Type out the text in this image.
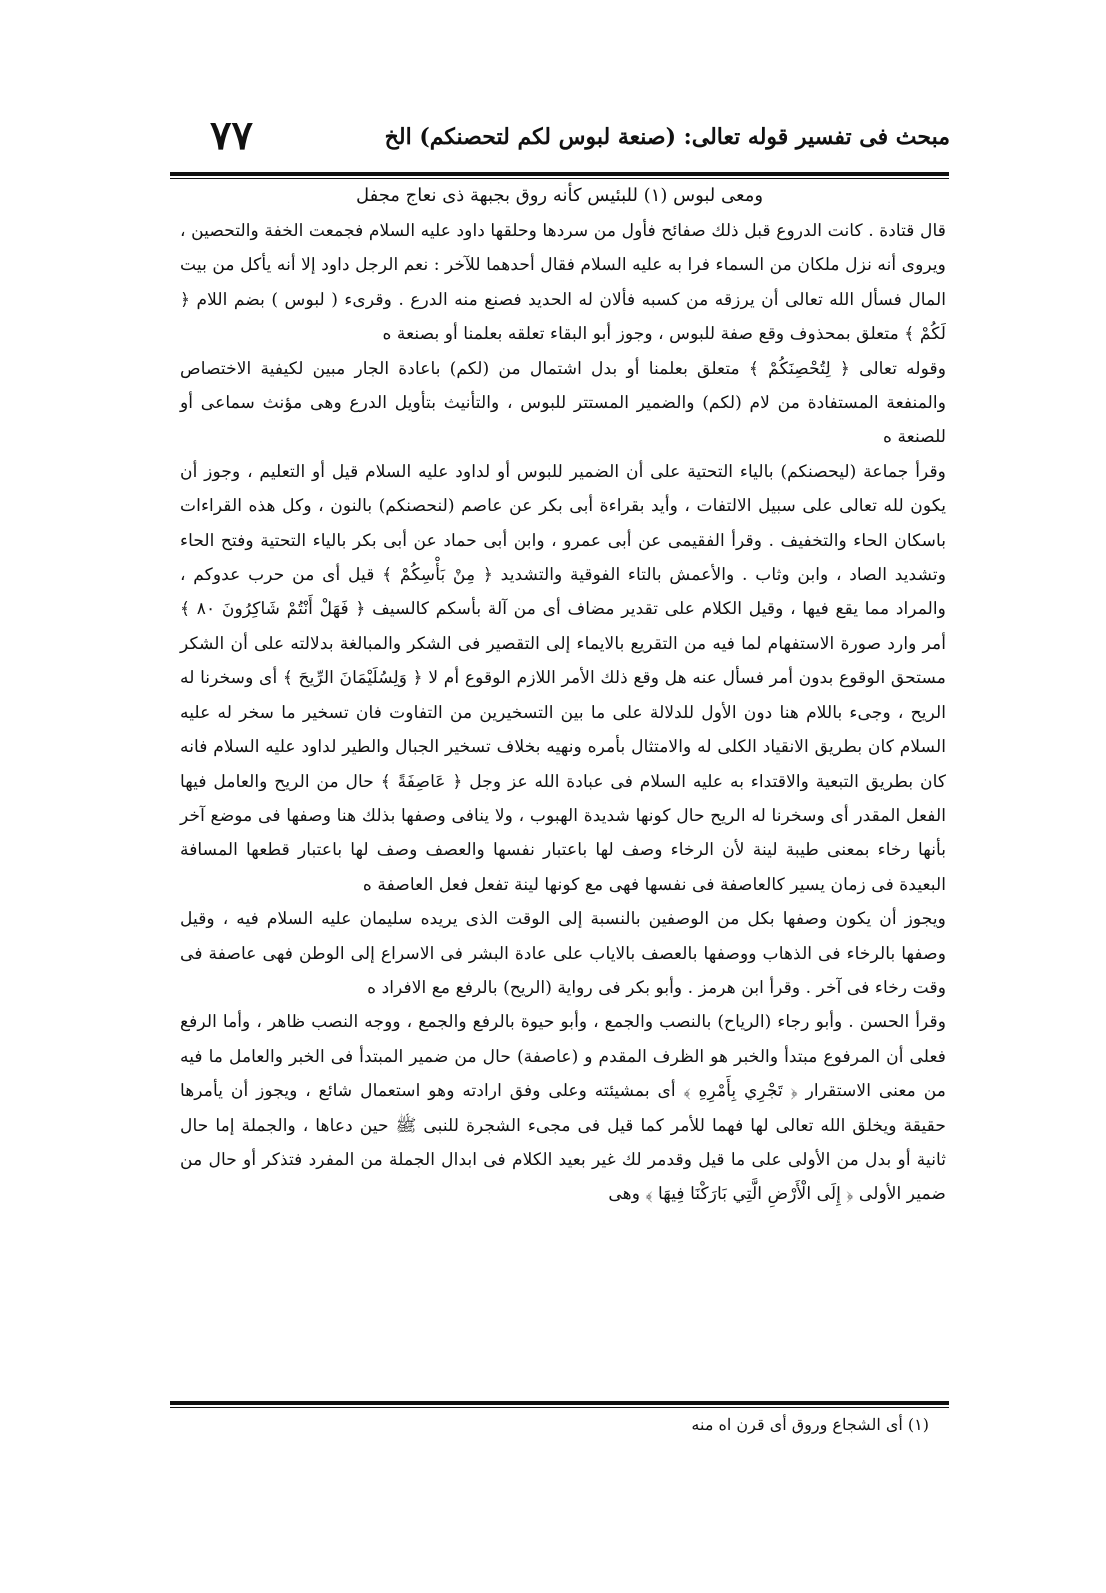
مبحث فى تفسير قوله تعالى: (صنعة لبوس لكم لتحصنكم) الخ
٧٧
ومعى لبوس (١) للبئيس كأنه روق بجبهة ذى نعاج مجفل

قال قتادة . كانت الدروع قبل ذلك صفائح فأول من سردها وحلقها داود عليه السلام فجمعت الخفة والتحصين ، ويروى أنه نزل ملكان من السماء فرا به عليه السلام فقال أحدهما للآخر : نعم الرجل داود إلا أنه يأكل من بيت المال فسأل الله تعالى أن يرزقه من كسبه فألان له الحديد فصنع منه الدرع . وقرىء ( لبوس ) بضم اللام ﴿ لَكُمْ ﴾ متعلق بمحذوف وقع صفة للبوس ، وجوز أبو البقاء تعلقه بعلمنا أو بصنعة ه

وقوله تعالى ﴿ لِتُحْصِنَكُمْ ﴾ متعلق بعلمنا أو بدل اشتمال من (لكم) باعادة الجار مبين لكيفية الاختصاص والمنفعة المستفادة من لام (لكم) والضمير المستتر للبوس ، والتأنيث بتأويل الدرع وهى مؤنث سماعى أو للصنعة ه

وقرأ جماعة (ليحصنكم) بالياء التحتية على أن الضمير للبوس أو لداود عليه السلام قيل أو التعليم ، وجوز أن يكون لله تعالى على سبيل الالتفات ، وأيد بقراءة أبى بكر عن عاصم (لنحصنكم) بالنون ، وكل هذه القراءات باسكان الحاء والتخفيف . وقرأ الفقيمى عن أبى عمرو ، وابن أبى حماد عن أبى بكر بالياء التحتية وفتح الحاء وتشديد الصاد ، وابن وثاب . والأعمش بالتاء الفوقية والتشديد ﴿ مِنْ بَأْسِكُمْ ﴾ قيل أى من حرب عدوكم ، والمراد مما يقع فيها ، وقيل الكلام على تقدير مضاف أى من آلة بأسكم كالسيف ﴿ فَهَلْ أَنْتُمْ شَاكِرُونَ ٨٠ ﴾ أمر وارد صورة الاستفهام لما فيه من التقريع بالايماء إلى التقصير فى الشكر والمبالغة بدلالته على أن الشكر مستحق الوقوع بدون أمر فسأل عنه هل وقع ذلك الأمر اللازم الوقوع أم لا ﴿ وَلِسُلَيْمَانَ الرِّيحَ ﴾ أى وسخرنا له الريح ، وجىء باللام هنا دون الأول للدلالة على ما بين التسخيرين من التفاوت فان تسخير ما سخر له عليه السلام كان بطريق الانقياد الكلى له والامتثال بأمره ونهيه بخلاف تسخير الجبال والطير لداود عليه السلام فانه كان بطريق التبعية والاقتداء به عليه السلام فى عبادة الله عز وجل ﴿ عَاصِفَةً ﴾ حال من الريح والعامل فيها الفعل المقدر أى وسخرنا له الريح حال كونها شديدة الهبوب ، ولا ينافى وصفها بذلك هنا وصفها فى موضع آخر بأنها رخاء بمعنى طيبة لينة لأن الرخاء وصف لها باعتبار نفسها والعصف وصف لها باعتبار قطعها المسافة البعيدة فى زمان يسير كالعاصفة فى نفسها فهى مع كونها لينة تفعل فعل العاصفة ه

ويجوز أن يكون وصفها بكل من الوصفين بالنسبة إلى الوقت الذى يريده سليمان عليه السلام فيه ، وقيل وصفها بالرخاء فى الذهاب ووصفها بالعصف بالاياب على عادة البشر فى الاسراع إلى الوطن فهى عاصفة فى وقت رخاء فى آخر . وقرأ ابن هرمز . وأبو بكر فى رواية (الريح) بالرفع مع الافراد ه

وقرأ الحسن . وأبو رجاء (الرياح) بالنصب والجمع ، وأبو حيوة بالرفع والجمع ، ووجه النصب ظاهر ، وأما الرفع فعلى أن المرفوع مبتدأ والخبر هو الظرف المقدم و (عاصفة) حال من ضمير المبتدأ فى الخبر والعامل ما فيه من معنى الاستقرار ﴿ تَجْرِي بِأَمْرِهِ ﴾ أى بمشيئته وعلى وفق ارادته وهو استعمال شائع ، ويجوز أن يأمرها حقيقة ويخلق الله تعالى لها فهما للأمر كما قيل فى مجىء الشجرة للنبى ﷺ حين دعاها ، والجملة إما حال ثانية أو بدل من الأولى على ما قيل وقدمر لك غير بعيد الكلام فى ابدال الجملة من المفرد فتذكر أو حال من ضمير الأولى ﴿ إِلَى الْأَرْضِ الَّتِي بَارَكْنَا فِيهَا ﴾ وهى

(١) أى الشجاع وروق أى قرن اه منه
